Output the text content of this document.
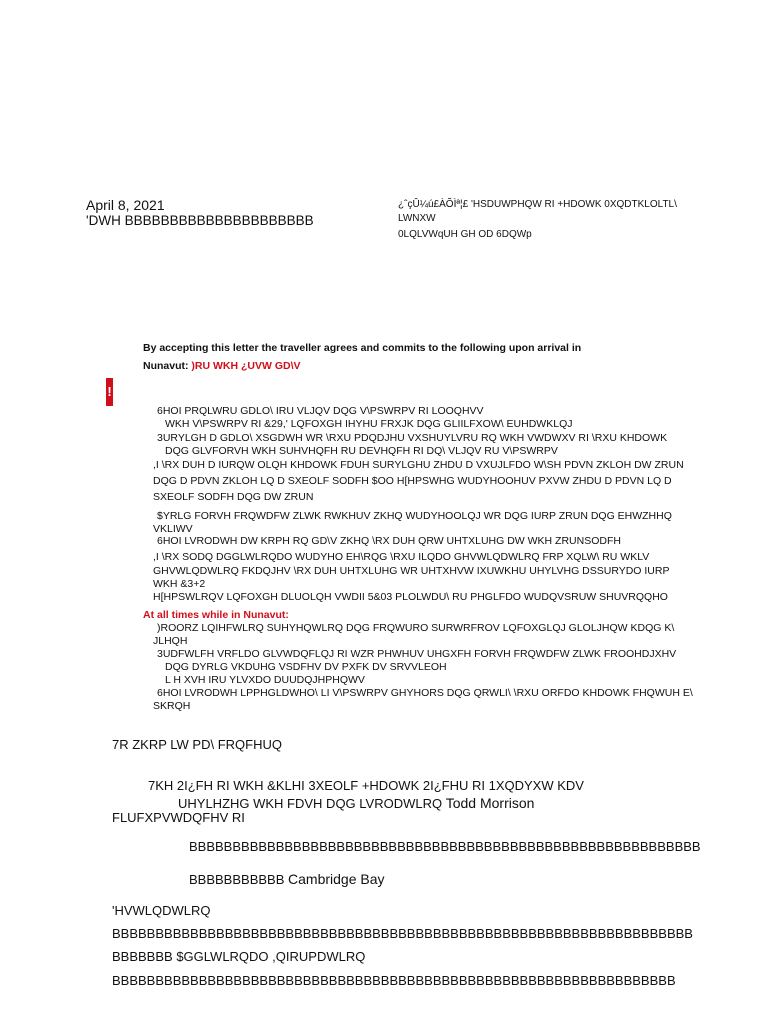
April 8, 2021
'DWH BBBBBBBBBBBBBBBBBBBBB
¿ˆçÛ¼ú£ÀÕÌª¦£ 'HSDUWPHQW RI +HDOWK 0XQDTKLOLTL\
LWNXW
0LQLVWqUH GH OD 6DQWp
By accepting this letter the traveller agrees and commits to the following upon arrival in
Nunavut: )RU WKH ¿UVW GD\V
!
6HOI PRQLWRU GDLO\ IRU VLJQV DQG V\PSWRPV RI LOOQHVV
WKH V\PSWRPV RI &29,' LQFOXGH IHYHU FRXJK DQG GLIILFXOW\ EUHDWKLQJ
3URYLGH D GDLO\ XSGDWH WR \RXU PDQDJHU VXSHUYLVRU RQ WKH VWDWXV RI \RXU KHDOWK
DQG GLVFORVH WKH SUHVHQFH RU DEVHQFH RI DQ\ VLJQV RU V\PSWRPV
,I \RX DUH D IURQW OLQH KHDOWK FDUH SURYLGHU ZHDU D VXUJLFDO W\SH PDVN ZKLOH DW ZRUN
DQG D PDVN ZKLOH LQ D SXEOLF SODFH $OO H[HPSWHG WUDYHOOHUV PXVW ZHDU D PDVN LQ D
SXEOLF SODFH DQG DW ZRUN
$YRLG FORVH FRQWDFW ZLWK RWKHUV ZKHQ WUDYHOOLQJ WR DQG IURP ZRUN DQG EHWZHHQ
VKLIWV
6HOI LVRODWH DW KRPH RQ GD\V ZKHQ \RX DUH QRW UHTXLUHG DW WKH ZRUNSODFH
,I \RX SODQ DGGLWLRQDO WUDYHO EH\RQG \RXU ILQDO GHVWLQDWLRQ FRP XQLW\ RU WKLV
GHVWLQDWLRQ FKDQJHV \RX DUH UHTXLUHG WR UHTXHVW IXUWKHU UHYLVHG DSSURYDO IURP
WKH &3+2
H[HPSWLRQV LQFOXGH DLUOLQH VWDII 5&03 PLOLWDU\ RU PHGLFDO WUDQVSRUW SHUVRQQHO
At all times while in Nunavut:
)ROORZ LQIHFWLRQ SUHYHQWLRQ DQG FRQWURO SURWRFROV LQFOXGLQJ GLOLJHQW KDQG K\
JLHQH
3UDFWLFH VRFLDO GLVWDQFLQJ RI WZR PHWHUV UHGXFH FORVH FRQWDFW ZLWK FROOHDJXHV
DQG DYRLG VKDUHG VSDFHV DV PXFK DV SRVVLEOH
L H XVH IRU YLVXDO DUUDQJHPHQWV
6HOI LVRODWH LPPHGLDWHO\ LI V\PSWRPV GHYHORS DQG QRWLI\ \RXU ORFDO KHDOWK FHQWUH E\
SKRQH
7R ZKRP LW PD\ FRQFHUQ
7KH 2I¿FH RI WKH &KLHI 3XEOLF +HDOWK 2I¿FHU RI 1XQDYXW KDV
UHYLHZHG WKH FDVH DQG LVRODWLRQ Todd Morrison
FLUFXPVWDQFHV RI
BBBBBBBBBBBBBBBBBBBBBBBBBBBBBBBBBBBBBBBBBBBBBBBBBBBBBBBBBBB
BBBBBBBBBBB Cambridge Bay
'HVWLQDWLRQ
BBBBBBBBBBBBBBBBBBBBBBBBBBBBBBBBBBBBBBBBBBBBBBBBBBBBBBBBBBBBBBBBBBB
BBBBBBB $GGLWLRQDO ,QIRUPDWLRQ
BBBBBBBBBBBBBBBBBBBBBBBBBBBBBBBBBBBBBBBBBBBBBBBBBBBBBBBBBBBBBBBBB
